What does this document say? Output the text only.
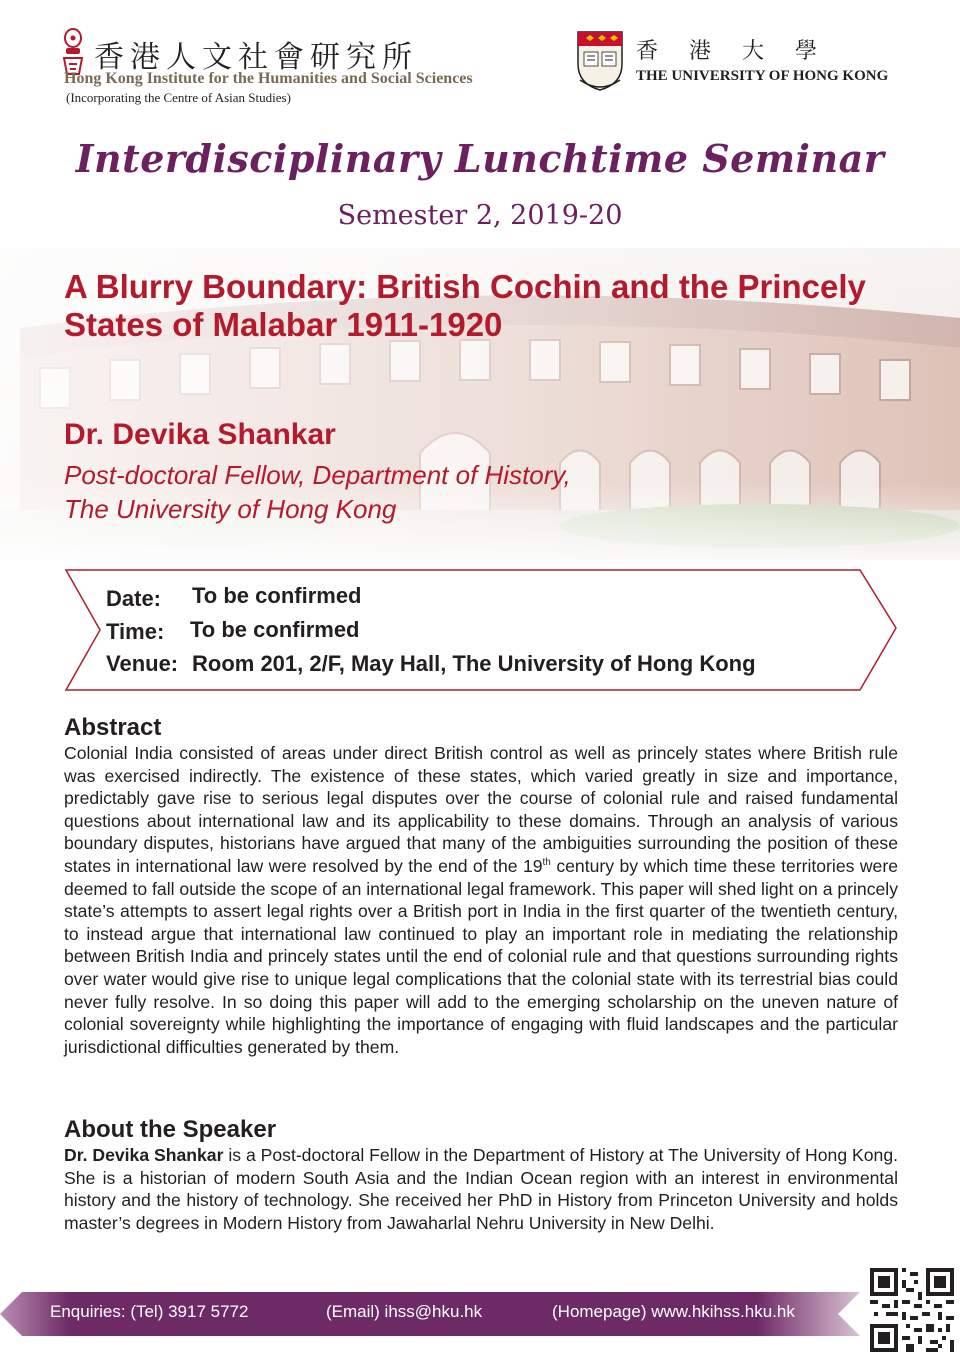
香港人文社會研究所
Hong Kong Institute for the Humanities and Social Sciences
(Incorporating the Centre of Asian Studies)
香 港 大 學
THE UNIVERSITY OF HONG KONG
Interdisciplinary Lunchtime Seminar
Semester 2, 2019-20
A Blurry Boundary: British Cochin and the Princely States of Malabar 1911-1920
Dr. Devika Shankar
Post-doctoral Fellow, Department of History,
The University of Hong Kong
Date: To be confirmed
Time: To be confirmed
Venue: Room 201, 2/F, May Hall, The University of Hong Kong
Abstract
Colonial India consisted of areas under direct British control as well as princely states where British rule was exercised indirectly. The existence of these states, which varied greatly in size and importance, predictably gave rise to serious legal disputes over the course of colonial rule and raised fundamental questions about international law and its applicability to these domains. Through an analysis of various boundary disputes, historians have argued that many of the ambiguities surrounding the position of these states in international law were resolved by the end of the 19th century by which time these territories were deemed to fall outside the scope of an international legal framework. This paper will shed light on a princely state’s attempts to assert legal rights over a British port in India in the first quarter of the twentieth century, to instead argue that international law continued to play an important role in mediating the relationship between British India and princely states until the end of colonial rule and that questions surrounding rights over water would give rise to unique legal complications that the colonial state with its terrestrial bias could never fully resolve. In so doing this paper will add to the emerging scholarship on the uneven nature of colonial sovereignty while highlighting the importance of engaging with fluid landscapes and the particular jurisdictional difficulties generated by them.
About the Speaker
Dr. Devika Shankar is a Post-doctoral Fellow in the Department of History at The University of Hong Kong. She is a historian of modern South Asia and the Indian Ocean region with an interest in environmental history and the history of technology. She received her PhD in History from Princeton University and holds master’s degrees in Modern History from Jawaharlal Nehru University in New Delhi.
Enquiries: (Tel) 3917 5772	(Email) ihss@hku.hk	(Homepage) www.hkihss.hku.hk
